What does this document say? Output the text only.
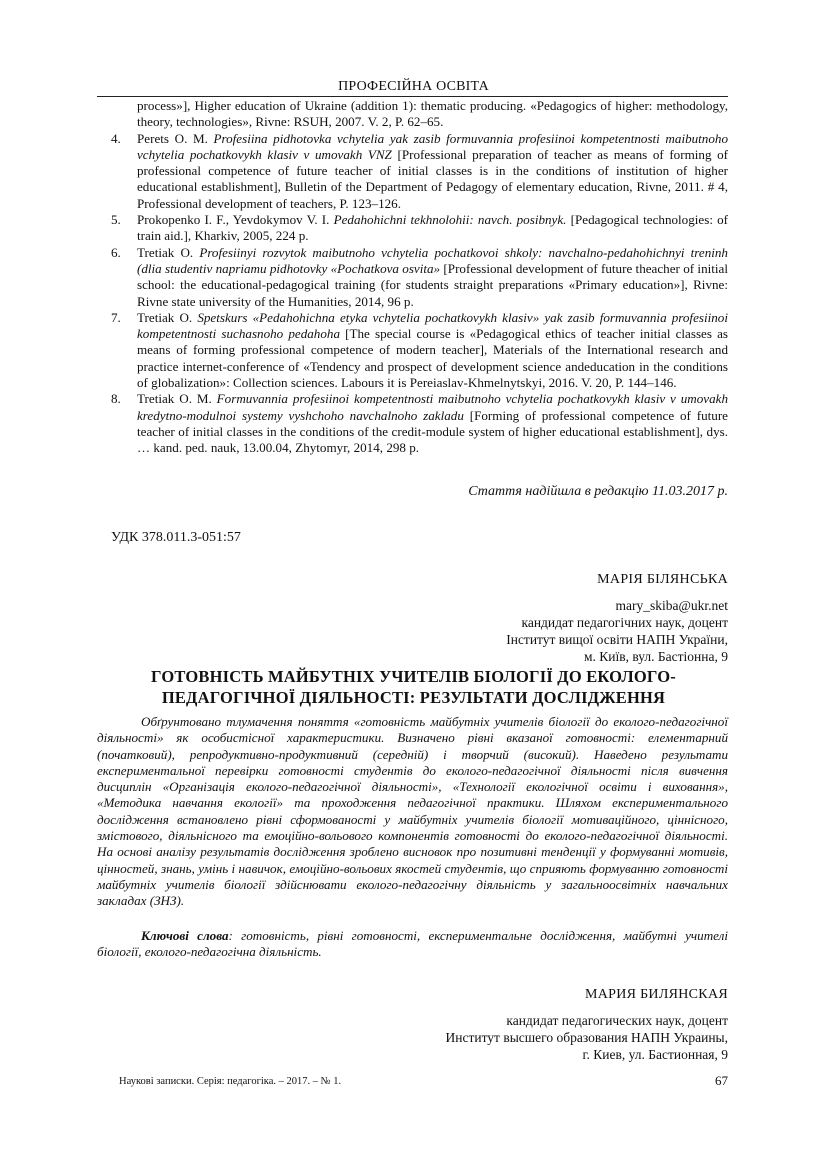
ПРОФЕСІЙНА ОСВІТА

process»], Higher education of Ukraine (addition 1): thematic producing. «Pedagogics of higher: methodology, theory, technologies», Rivne: RSUH, 2007. V. 2, P. 62–65.

4.	Perets O. M. Profesiina pidhotovka vchytelia yak zasib formuvannia profesiinoi kompetentnosti maibutnoho vchytelia pochatkovykh klasiv v umovakh VNZ [Professional preparation of teacher as means of forming of professional competence of future teacher of initial classes is in the conditions of institution of higher educational establishment], Bulletin of the Department of Pedagogy of elementary education, Rivne, 2011. # 4, Professional development of teachers, P. 123–126.

5.	Prokopenko I. F., Yevdokymov V. I. Pedahohichni tekhnolohii: navch. posibnyk. [Pedagogical technologies: of train aid.], Kharkiv, 2005, 224 p.

6.	Tretiak O. Profesiinyi rozvytok maibutnoho vchytelia pochatkovoi shkoly: navchalno-pedahohichnyi treninh (dlia studentiv napriamu pidhotovky «Pochatkova osvita» [Professional development of future theacher of initial school: the educational-pedagogical training (for students straight preparations «Primary education»], Rivne: Rivne state university of the Humanities, 2014, 96 p.

7.	Tretiak O. Spetskurs «Pedahohichna etyka vchytelia pochatkovykh klasiv» yak zasib formuvannia profesiinoi kompetentnosti suchasnoho pedahoha [The special course is «Pedagogical ethics of teacher initial classes as means of forming professional competence of modern teacher], Materials of the International research and practice internet-conference of «Tendency and prospect of development science andeducation in the conditions of globalization»: Collection sciences. Labours it is Pereiaslav-Khmelnytskyi, 2016. V. 20, P. 144–146.

8.	Tretiak O. M. Formuvannia profesiinoi kompetentnosti maibutnoho vchytelia pochatkovykh klasiv v umovakh kredytno-modulnoi systemy vyshchoho navchalnoho zakladu [Forming of professional competence of future teacher of initial classes in the conditions of the credit-module system of higher educational establishment], dys. … kand. ped. nauk, 13.00.04, Zhytomyr, 2014, 298 p.

Стаття надійшла в редакцію 11.03.2017 р.
УДК 378.011.3-051:57
МАРІЯ БІЛЯНСЬКА
mary_skiba@ukr.net
кандидат педагогічних наук, доцент
Інститут вищої освіти НАПН України,
м. Київ, вул. Бастіонна, 9
ГОТОВНІСТЬ МАЙБУТНІХ УЧИТЕЛІВ БІОЛОГІЇ ДО ЕКОЛОГО-
ПЕДАГОГІЧНОЇ ДІЯЛЬНОСТІ: РЕЗУЛЬТАТИ ДОСЛІДЖЕННЯ
Обґрунтовано тлумачення поняття «готовність майбутніх учителів біології до еколого-педагогічної діяльності» як особистісної характеристики. Визначено рівні вказаної готовності: елементарний (початковий), репродуктивно-продуктивний (середній) і творчий (високий). Наведено результати експериментальної перевірки готовності студентів до еколого-педагогічної діяльності після вивчення дисциплін «Організація еколого-педагогічної діяльності», «Технології екологічної освіти і виховання», «Методика навчання екології» та проходження педагогічної практики. Шляхом експериментального дослідження встановлено рівні сформованості у майбутніх учителів біології мотиваційного, ціннісного, змістового, діяльнісного та емоційно-вольового компонентів готовності до еколого-педагогічної діяльності. На основі аналізу результатів дослідження зроблено висновок про позитивні тенденції у формуванні мотивів, цінностей, знань, умінь і навичок, емоційно-вольових якостей студентів, що сприяють формуванню готовності майбутніх учителів біології здійснювати еколого-педагогічну діяльність у загальноосвітніх навчальних закладах (ЗНЗ).
Ключові слова: готовність, рівні готовності, експериментальне дослідження, майбутні учителі біології, еколого-педагогічна діяльність.
МАРИЯ БИЛЯНСКАЯ
кандидат педагогических наук, доцент
Институт высшего образования НАПН Украины,
г. Киев, ул. Бастионная, 9
Наукові записки. Серія: педагогіка. – 2017. – № 1.	67
